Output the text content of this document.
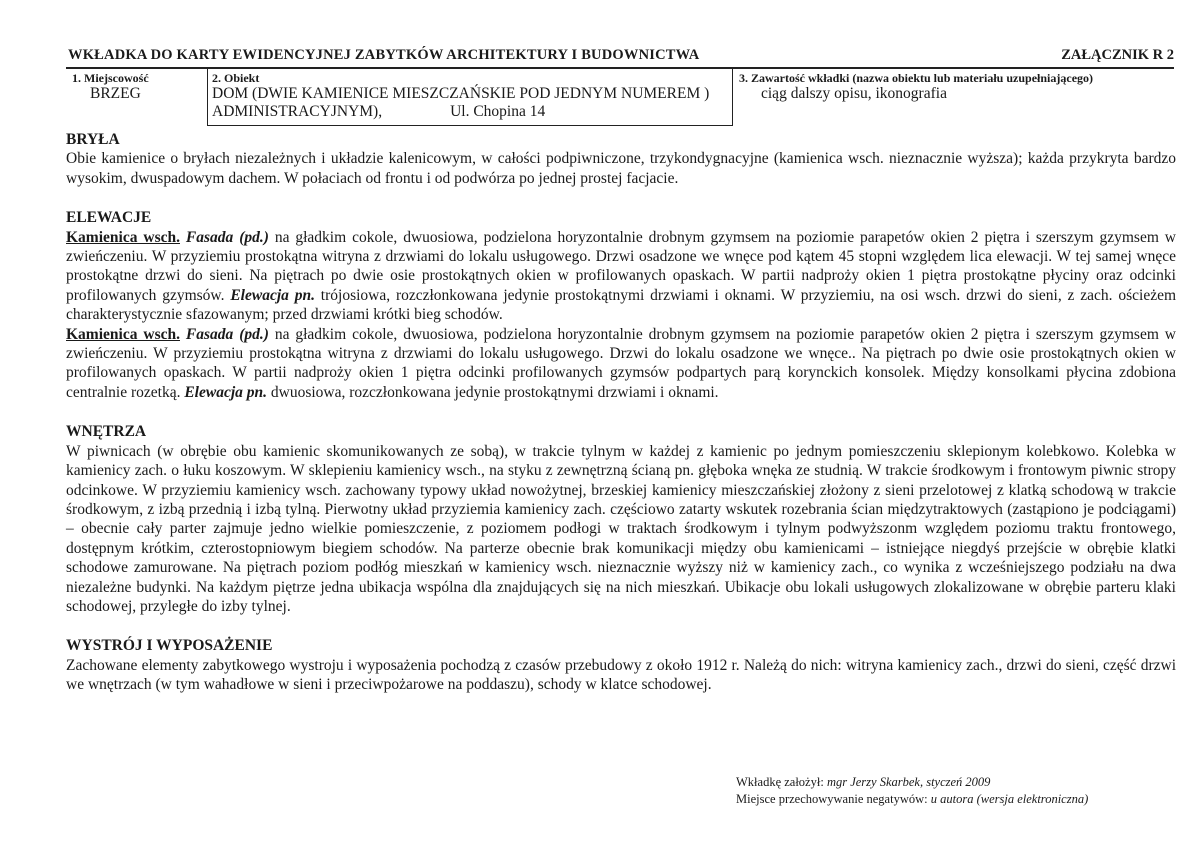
WKŁADKA DO KARTY EWIDENCYJNEJ ZABYTKÓW ARCHITEKTURY I BUDOWNICTWA	ZAŁĄCZNIK R 2
1. Miejscowość
BRZEG
2. Obiekt
DOM (DWIE KAMIENICE MIESZCZAŃSKIE POD JEDNYM NUMEREM )
ADMINISTRACYJNYM),	Ul. Chopina 14
3. Zawartość wkładki (nazwa obiektu lub materiału uzupełniającego)
ciąg dalszy opisu, ikonografia
BRYŁA

Obie kamienice o bryłach niezależnych i układzie kalenicowym, w całości podpiwniczone, trzykondygnacyjne (kamienica wsch. nieznacznie wyższa); każda przykryta bardzo wysokim, dwuspadowym dachem. W połaciach od frontu i od podwórza po jednej prostej facjacie.

ELEWACJE

Kamienica wsch. Fasada (pd.) na gładkim cokole, dwuosiowa, podzielona horyzontalnie drobnym gzymsem na poziomie parapetów okien 2 piętra i szerszym gzymsem w zwieńczeniu. W przyziemiu prostokątna witryna z drzwiami do lokalu usługowego. Drzwi osadzone we wnęce pod kątem 45 stopni względem lica elewacji. W tej samej wnęce prostokątne drzwi do sieni. Na piętrach po dwie osie prostokątnych okien w profilowanych opaskach. W partii nadproży okien 1 piętra prostokątne płyciny oraz odcinki profilowanych gzymsów. Elewacja pn. trójosiowa, rozczłonkowana jedynie prostokątnymi drzwiami i oknami. W przyziemiu, na osi wsch. drzwi do sieni, z zach. ościeżem charakterystycznie sfazowanym; przed drzwiami krótki bieg schodów.

Kamienica wsch. Fasada (pd.) na gładkim cokole, dwuosiowa, podzielona horyzontalnie drobnym gzymsem na poziomie parapetów okien 2 piętra i szerszym gzymsem w zwieńczeniu. W przyziemiu prostokątna witryna z drzwiami do lokalu usługowego. Drzwi do lokalu osadzone we wnęce.. Na piętrach po dwie osie prostokątnych okien w profilowanych opaskach. W partii nadproży okien 1 piętra odcinki profilowanych gzymsów podpartych parą korynckich konsolek. Między konsolkami płycina zdobiona centralnie rozetką. Elewacja pn. dwuosiowa, rozczłonkowana jedynie prostokątnymi drzwiami i oknami.

WNĘTRZA

W piwnicach (w obrębie obu kamienic skomunikowanych ze sobą), w trakcie tylnym w każdej z kamienic po jednym pomieszczeniu sklepionym kolebkowo. Kolebka w kamienicy zach. o łuku koszowym. W sklepieniu kamienicy wsch., na styku z zewnętrzną ścianą pn. głęboka wnęka ze studnią. W trakcie środkowym i frontowym piwnic stropy odcinkowe. W przyziemiu kamienicy wsch. zachowany typowy układ nowożytnej, brzeskiej kamienicy mieszczańskiej złożony z sieni przelotowej z klatką schodową w trakcie środkowym, z izbą przednią i izbą tylną. Pierwotny układ przyziemia kamienicy zach. częściowo zatarty wskutek rozebrania ścian międzytraktowych (zastąpiono je podciągami) – obecnie cały parter zajmuje jedno wielkie pomieszczenie, z poziomem podłogi w traktach środkowym i tylnym podwyższonm względem poziomu traktu frontowego, dostępnym krótkim, czterostopniowym biegiem schodów. Na parterze obecnie brak komunikacji między obu kamienicami – istniejące niegdyś przejście w obrębie klatki schodowe zamurowane. Na piętrach poziom podłóg mieszkań w kamienicy wsch. nieznacznie wyższy niż w kamienicy zach., co wynika z wcześniejszego podziału na dwa niezależne budynki. Na każdym piętrze jedna ubikacja wspólna dla znajdujących się na nich mieszkań. Ubikacje obu lokali usługowych zlokalizowane w obrębie parteru klaki schodowej, przyległe do izby tylnej.

WYSTRÓJ I WYPOSAŻENIE

Zachowane elementy zabytkowego wystroju i wyposażenia pochodzą z czasów przebudowy z około 1912 r. Należą do nich: witryna kamienicy zach., drzwi do sieni, część drzwi we wnętrzach (w tym wahadłowe w sieni i przeciwpożarowe na poddaszu), schody w klatce schodowej.

Wkładkę założył: mgr Jerzy Skarbek, styczeń 2009
Miejsce przechowywanie negatywów: u autora (wersja elektroniczna)
